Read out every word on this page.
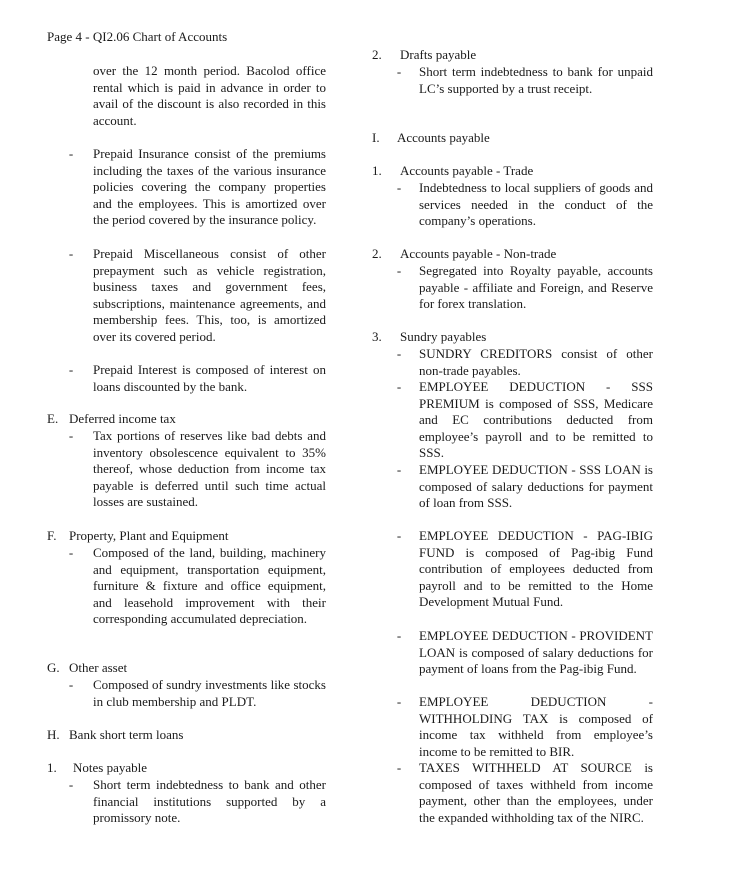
Page 4 - QI2.06 Chart of Accounts
over the 12 month period. Bacolod office rental which is paid in advance in order to avail of the discount is also recorded in this account.
- Prepaid Insurance consist of the premiums including the taxes of the various insurance policies covering the company properties and the employees. This is amortized over the period covered by the insurance policy.
- Prepaid Miscellaneous consist of other prepayment such as vehicle registration, business taxes and government fees, subscriptions, maintenance agreements, and membership fees. This, too, is amortized over its covered period.
- Prepaid Interest is composed of interest on loans discounted by the bank.
E. Deferred income tax
- Tax portions of reserves like bad debts and inventory obsolescence equivalent to 35% thereof, whose deduction from income tax payable is deferred until such time actual losses are sustained.
F. Property, Plant and Equipment
- Composed of the land, building, machinery and equipment, transportation equipment, furniture & fixture and office equipment, and leasehold improvement with their corresponding accumulated depreciation.
G. Other asset
- Composed of sundry investments like stocks in club membership and PLDT.
H. Bank short term loans
1. Notes payable
- Short term indebtedness to bank and other financial institutions supported by a promissory note.
2. Drafts payable
- Short term indebtedness to bank for unpaid LC’s supported by a trust receipt.
I. Accounts payable
1. Accounts payable - Trade
- Indebtedness to local suppliers of goods and services needed in the conduct of the company’s operations.
2. Accounts payable - Non-trade
- Segregated into Royalty payable, accounts payable - affiliate and Foreign, and Reserve for forex translation.
3. Sundry payables
- SUNDRY CREDITORS consist of other non-trade payables.
- EMPLOYEE DEDUCTION - SSS PREMIUM is composed of SSS, Medicare and EC contributions deducted from employee’s payroll and to be remitted to SSS.
- EMPLOYEE DEDUCTION - SSS LOAN is composed of salary deductions for payment of loan from SSS.
- EMPLOYEE DEDUCTION - PAG-IBIG FUND is composed of Pag-ibig Fund contribution of employees deducted from payroll and to be remitted to the Home Development Mutual Fund.
- EMPLOYEE DEDUCTION - PROVIDENT LOAN is composed of salary deductions for payment of loans from the Pag-ibig Fund.
- EMPLOYEE DEDUCTION - WITHHOLDING TAX is composed of income tax withheld from employee’s income to be remitted to BIR.
- TAXES WITHHELD AT SOURCE is composed of taxes withheld from income payment, other than the employees, under the expanded withholding tax of the NIRC.
